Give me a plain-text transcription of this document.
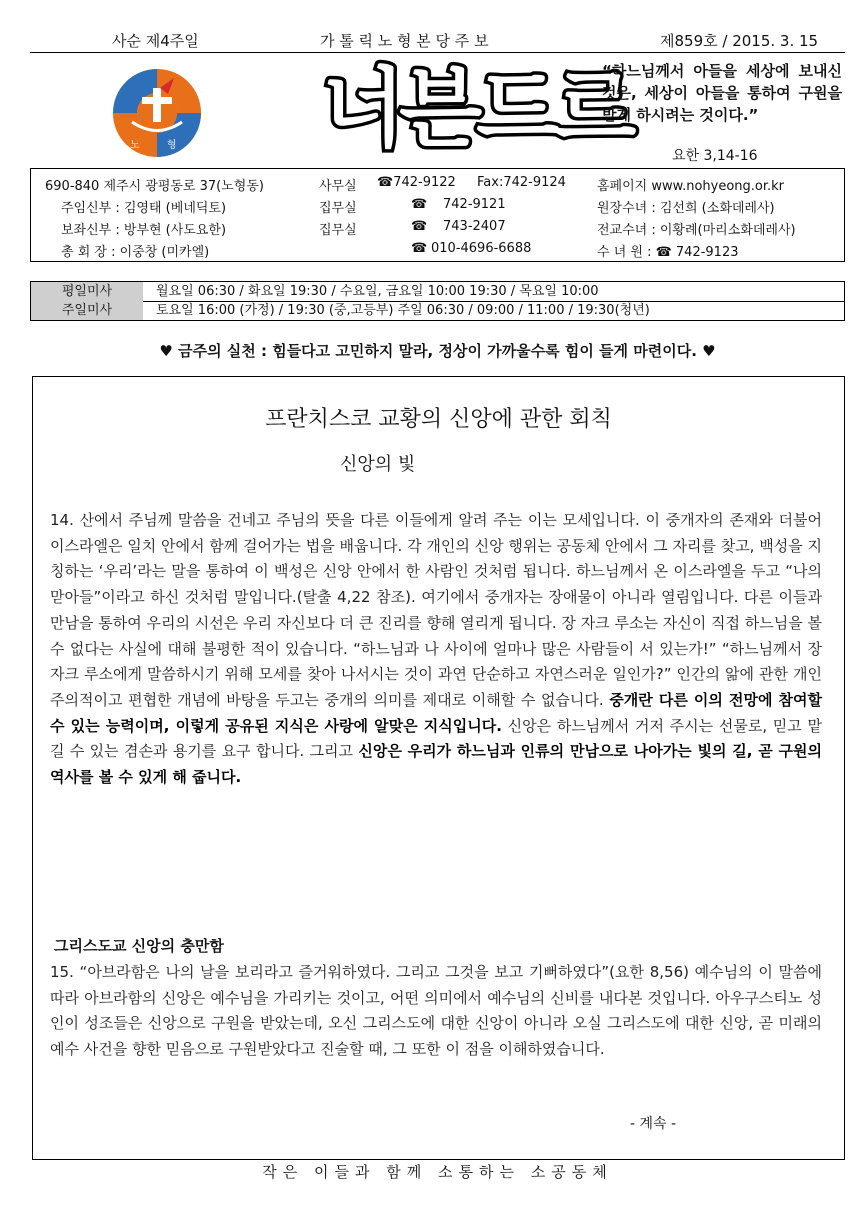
사순 제4주일	가 톨 릭 노 형 본 당 주 보	제859호 / 2015. 3. 15
노 형 너븐드르
“하느님께서 아들을 세상에 보내신 것은, 세상이 아들을 통하여 구원을 받게 하시려는 것이다.”
요한 3,14-16
690-840 제주시 광평동로 37(노형동)	사무실 ☎742-9122 Fax:742-9124 홈페이지 www.nohyeong.or.kr
주임신부 : 김영태 (베네딕토)	집무실	☎ 742-9121	원장수녀 : 김선희 (소화데레사)
보좌신부 : 방부현 (사도요한)	집무실	☎ 743-2407	전교수녀 : 이황례(마리소화데레사)
총 회 장 : 이중창 (미카엘)	☎ 010-4696-6688	수 녀 원 : ☎ 742-9123
평일미사	월요일 06:30 / 화요일 19:30 / 수요일, 금요일 10:00 19:30 / 목요일 10:00
주일미사	토요일 16:00 (가정) / 19:30 (중,고등부) 주일 06:30 / 09:00 / 11:00 / 19:30(청년)
♥ 금주의 실천 : 힘들다고 고민하지 말라, 정상이 가까울수록 힘이 들게 마련이다. ♥
프란치스코 교황의 신앙에 관한 회칙
신앙의 빛
14. 산에서 주님께 말씀을 건네고 주님의 뜻을 다른 이들에게 알려 주는 이는 모세입니다. 이 중개자의 존재와 더불어 이스라엘은 일치 안에서 함께 걸어가는 법을 배웁니다. 각 개인의 신앙 행위는 공동체 안에서 그 자리를 찾고, 백성을 지칭하는 ‘우리’라는 말을 통하여 이 백성은 신앙 안에서 한 사람인 것처럼 됩니다. 하느님께서 온 이스라엘을 두고 “나의 맏아들”이라고 하신 것처럼 말입니다.(탈출 4,22 참조). 여기에서 중개자는 장애물이 아니라 열림입니다. 다른 이들과 만남을 통하여 우리의 시선은 우리 자신보다 더 큰 진리를 향해 열리게 됩니다. 장 자크 루소는 자신이 직접 하느님을 볼 수 없다는 사실에 대해 불평한 적이 있습니다. “하느님과 나 사이에 얼마나 많은 사람들이 서 있는가!” “하느님께서 장 자크 루소에게 말씀하시기 위해 모세를 찾아 나서시는 것이 과연 단순하고 자연스러운 일인가?” 인간의 앎에 관한 개인주의적이고 편협한 개념에 바탕을 두고는 중개의 의미를 제대로 이해할 수 없습니다. 중개란 다른 이의 전망에 참여할 수 있는 능력이며, 이렇게 공유된 지식은 사랑에 알맞은 지식입니다. 신앙은 하느님께서 거저 주시는 선물로, 믿고 맡길 수 있는 겸손과 용기를 요구 합니다. 그리고 신앙은 우리가 하느님과 인류의 만남으로 나아가는 빛의 길, 곧 구원의 역사를 볼 수 있게 해 줍니다.
그리스도교 신앙의 충만함
15. “아브라함은 나의 날을 보리라고 즐거워하였다. 그리고 그것을 보고 기뻐하였다”(요한 8,56) 예수님의 이 말씀에 따라 아브라함의 신앙은 예수님을 가리키는 것이고, 어떤 의미에서 예수님의 신비를 내다본 것입니다. 아우구스티노 성인이 성조들은 신앙으로 구원을 받았는데, 오신 그리스도에 대한 신앙이 아니라 오실 그리스도에 대한 신앙, 곧 미래의 예수 사건을 향한 믿음으로 구원받았다고 진술할 때, 그 또한 이 점을 이해하였습니다.
- 계속 -
작은 이들과 함께 소통하는 소공동체
